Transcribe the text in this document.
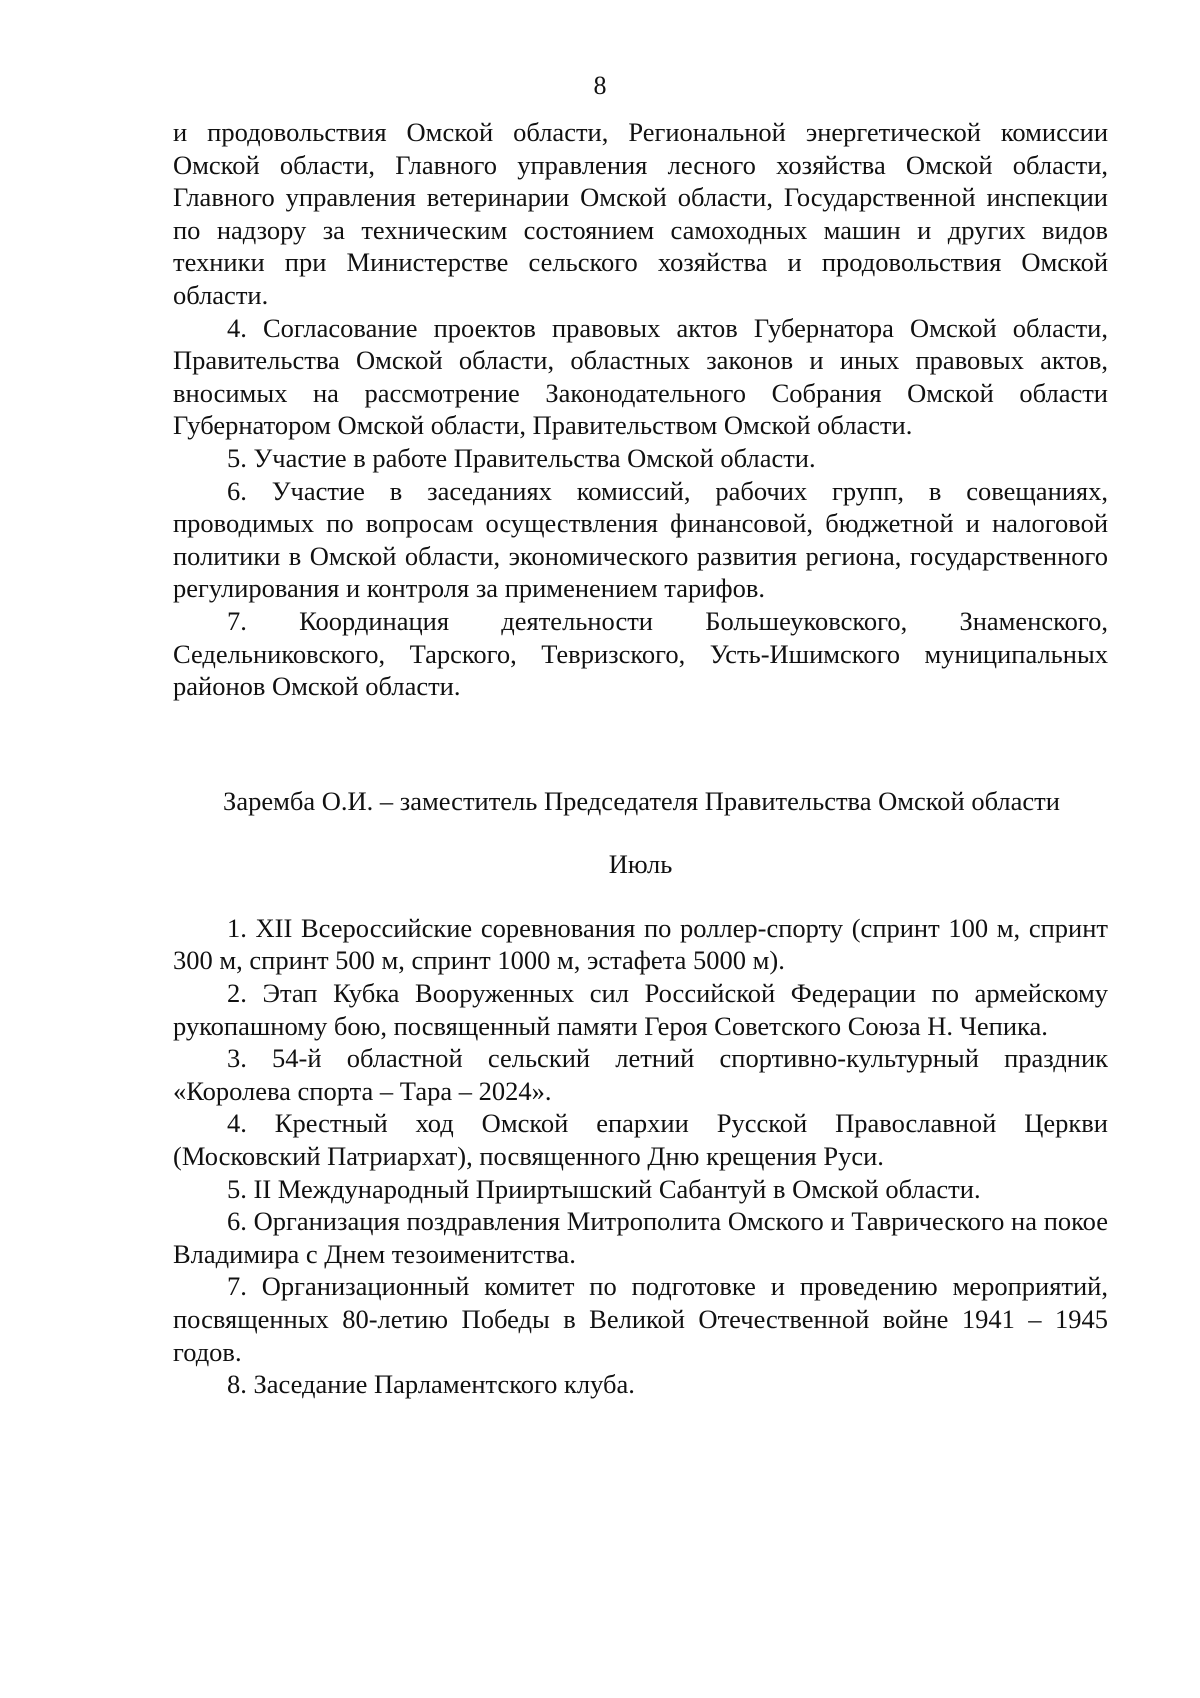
8

и продовольствия Омской области, Региональной энергетической комиссии Омской области, Главного управления лесного хозяйства Омской области, Главного управления ветеринарии Омской области, Государственной инспекции по надзору за техническим состоянием самоходных машин и других видов техники при Министерстве сельского хозяйства и продовольствия Омской области.

4. Согласование проектов правовых актов Губернатора Омской области, Правительства Омской области, областных законов и иных правовых актов, вносимых на рассмотрение Законодательного Собрания Омской области Губернатором Омской области, Правительством Омской области.

5. Участие в работе Правительства Омской области.

6. Участие в заседаниях комиссий, рабочих групп, в совещаниях, проводимых по вопросам осуществления финансовой, бюджетной и налоговой политики в Омской области, экономического развития региона, государственного регулирования и контроля за применением тарифов.

7. Координация деятельности Большеуковского, Знаменского, Седельниковского, Тарского, Тевризского, Усть-Ишимского муниципальных районов Омской области.

Заремба О.И. – заместитель Председателя Правительства Омской области

Июль

1. XII Всероссийские соревнования по роллер-спорту (спринт 100 м, спринт 300 м, спринт 500 м, спринт 1000 м, эстафета 5000 м).

2. Этап Кубка Вооруженных сил Российской Федерации по армейскому рукопашному бою, посвященный памяти Героя Советского Союза Н. Чепика.

3. 54-й областной сельский летний спортивно-культурный праздник «Королева спорта – Тара – 2024».

4. Крестный ход Омской епархии Русской Православной Церкви (Московский Патриархат), посвященного Дню крещения Руси.

5. II Международный Прииртышский Сабантуй в Омской области.

6. Организация поздравления Митрополита Омского и Таврического на покое Владимира с Днем тезоименитства.

7. Организационный комитет по подготовке и проведению мероприятий, посвященных 80-летию Победы в Великой Отечественной войне 1941 – 1945 годов.

8. Заседание Парламентского клуба.
